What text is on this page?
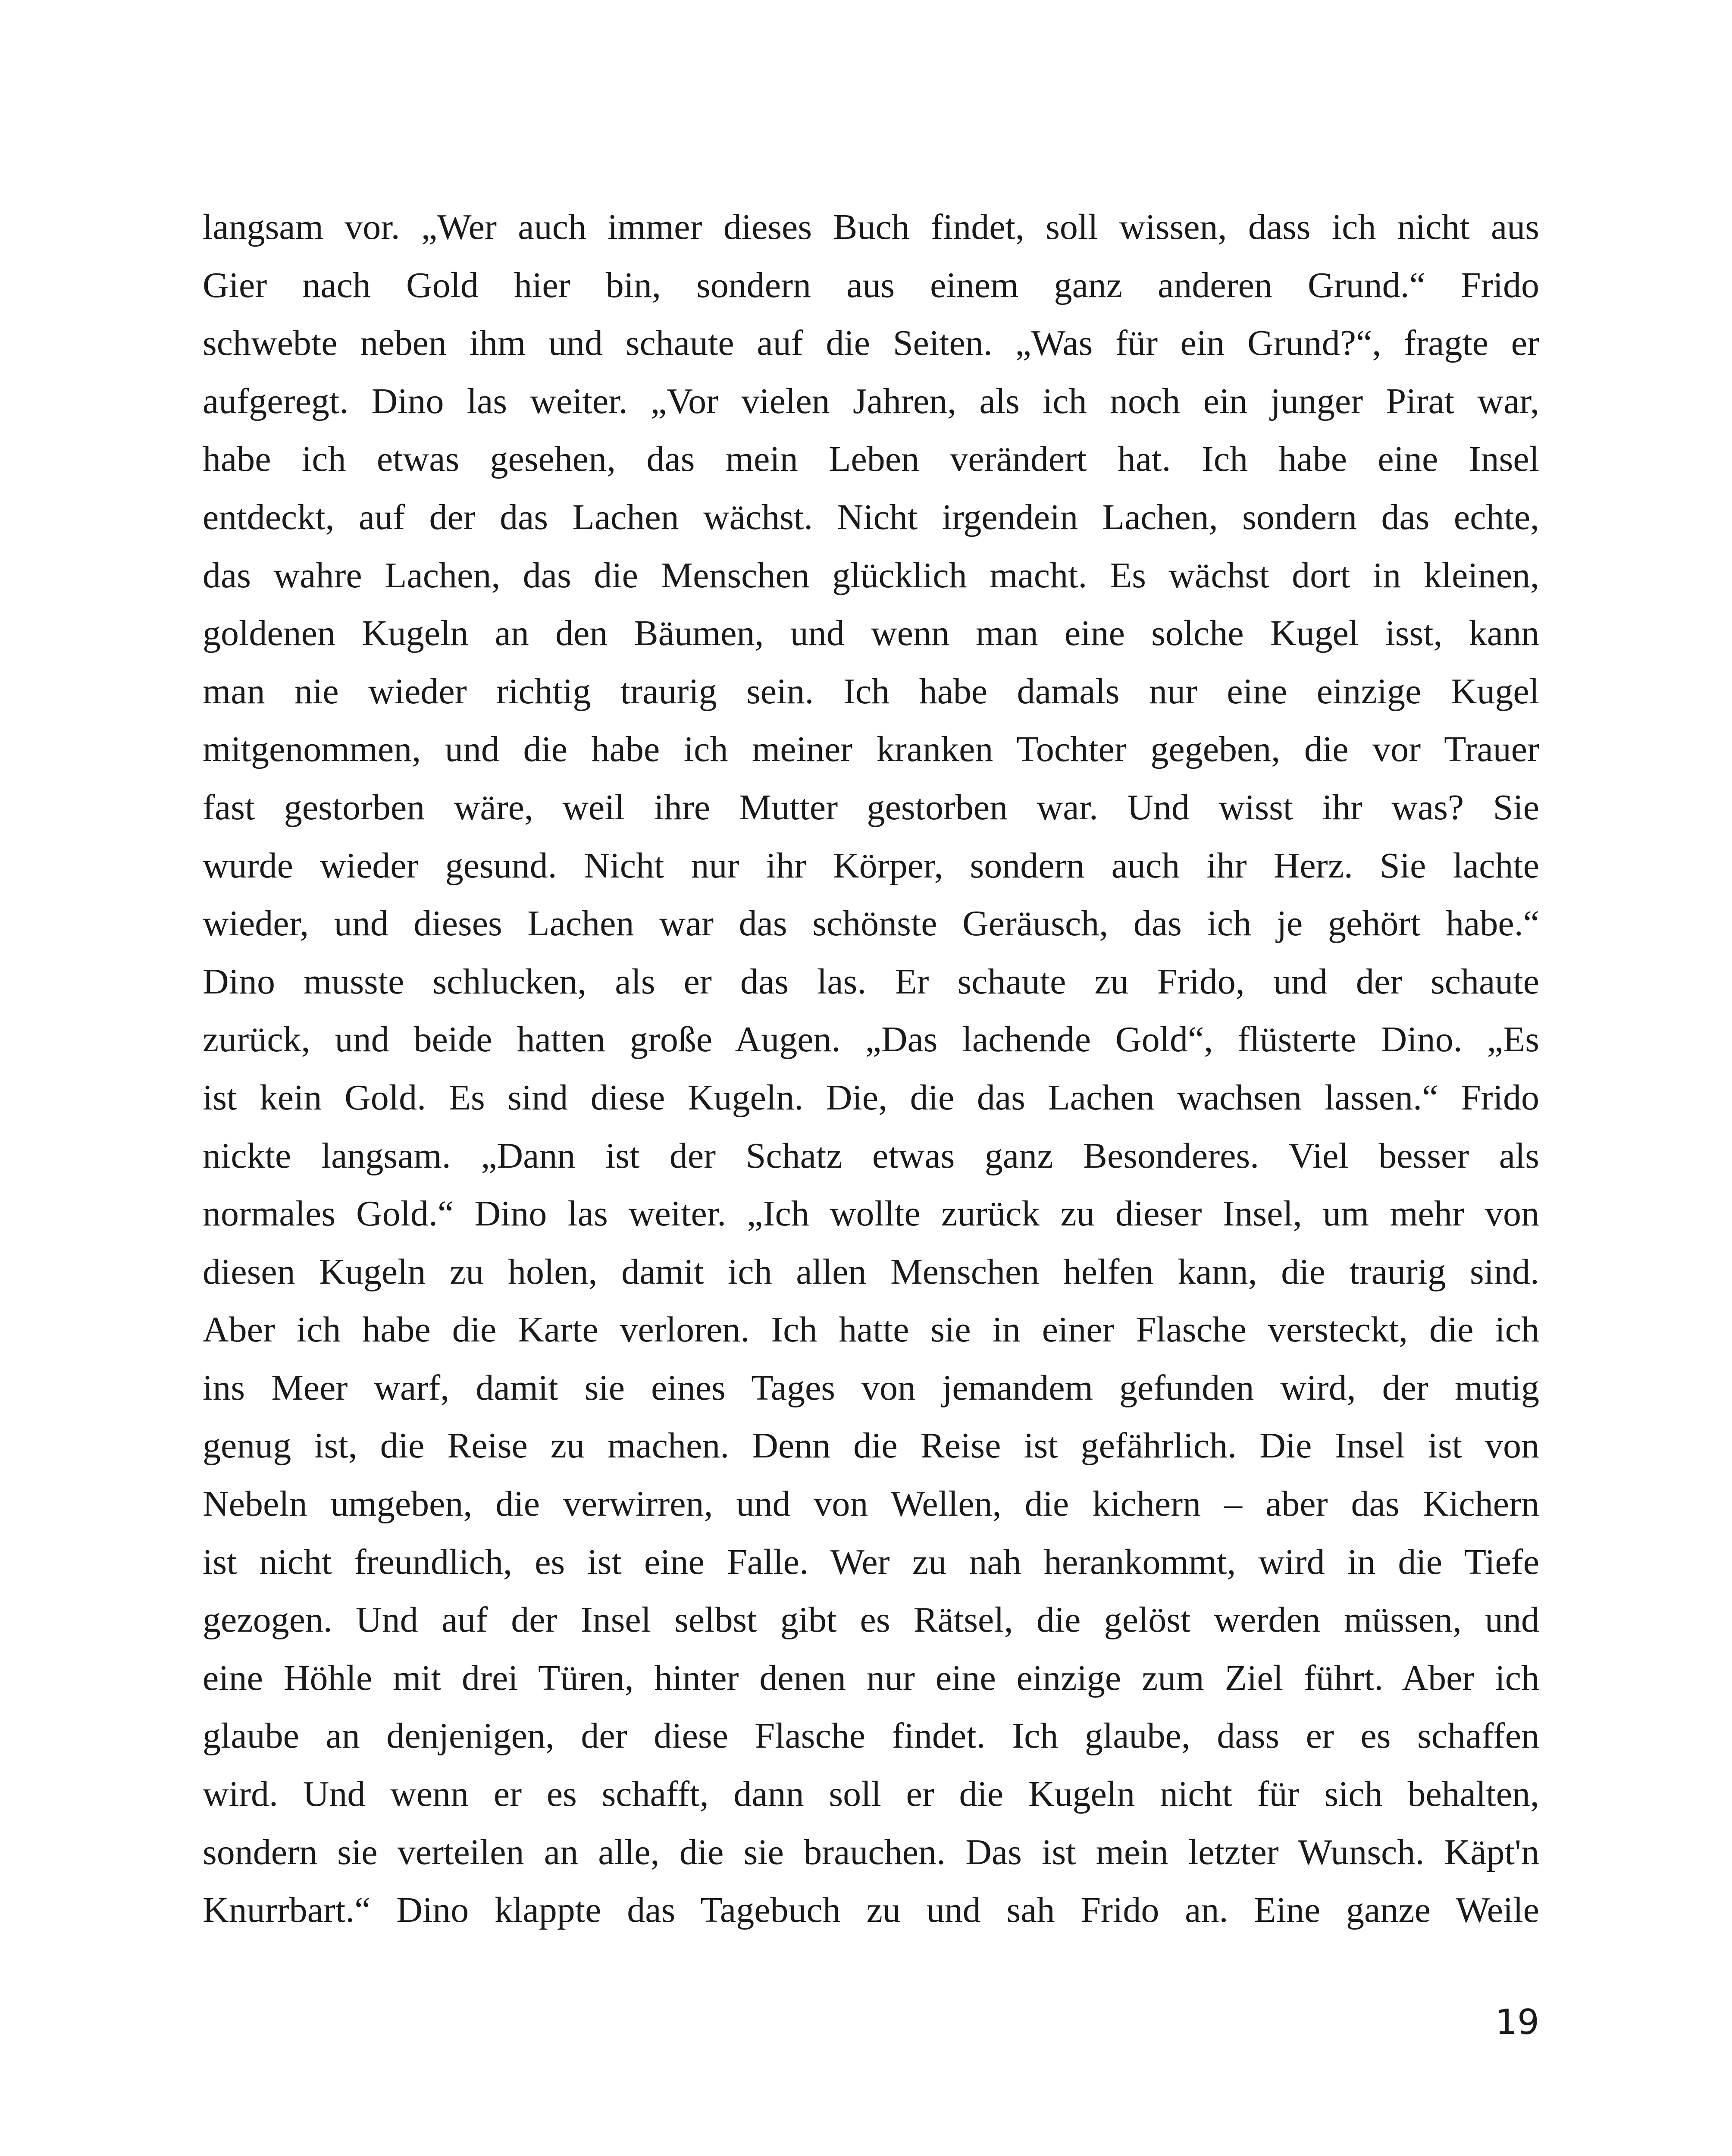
langsam vor. „Wer auch immer dieses Buch findet, soll wissen, dass ich nicht aus
Gier nach Gold hier bin, sondern aus einem ganz anderen Grund.“ Frido
schwebte neben ihm und schaute auf die Seiten. „Was für ein Grund?“, fragte er
aufgeregt. Dino las weiter. „Vor vielen Jahren, als ich noch ein junger Pirat war,
habe ich etwas gesehen, das mein Leben verändert hat. Ich habe eine Insel
entdeckt, auf der das Lachen wächst. Nicht irgendein Lachen, sondern das echte,
das wahre Lachen, das die Menschen glücklich macht. Es wächst dort in kleinen,
goldenen Kugeln an den Bäumen, und wenn man eine solche Kugel isst, kann
man nie wieder richtig traurig sein. Ich habe damals nur eine einzige Kugel
mitgenommen, und die habe ich meiner kranken Tochter gegeben, die vor Trauer
fast gestorben wäre, weil ihre Mutter gestorben war. Und wisst ihr was? Sie
wurde wieder gesund. Nicht nur ihr Körper, sondern auch ihr Herz. Sie lachte
wieder, und dieses Lachen war das schönste Geräusch, das ich je gehört habe.“
Dino musste schlucken, als er das las. Er schaute zu Frido, und der schaute
zurück, und beide hatten große Augen. „Das lachende Gold“, flüsterte Dino. „Es
ist kein Gold. Es sind diese Kugeln. Die, die das Lachen wachsen lassen.“ Frido
nickte langsam. „Dann ist der Schatz etwas ganz Besonderes. Viel besser als
normales Gold.“ Dino las weiter. „Ich wollte zurück zu dieser Insel, um mehr von
diesen Kugeln zu holen, damit ich allen Menschen helfen kann, die traurig sind.
Aber ich habe die Karte verloren. Ich hatte sie in einer Flasche versteckt, die ich
ins Meer warf, damit sie eines Tages von jemandem gefunden wird, der mutig
genug ist, die Reise zu machen. Denn die Reise ist gefährlich. Die Insel ist von
Nebeln umgeben, die verwirren, und von Wellen, die kichern – aber das Kichern
ist nicht freundlich, es ist eine Falle. Wer zu nah herankommt, wird in die Tiefe
gezogen. Und auf der Insel selbst gibt es Rätsel, die gelöst werden müssen, und
eine Höhle mit drei Türen, hinter denen nur eine einzige zum Ziel führt. Aber ich
glaube an denjenigen, der diese Flasche findet. Ich glaube, dass er es schaffen
wird. Und wenn er es schafft, dann soll er die Kugeln nicht für sich behalten,
sondern sie verteilen an alle, die sie brauchen. Das ist mein letzter Wunsch. Käpt'n
Knurrbart.“ Dino klappte das Tagebuch zu und sah Frido an. Eine ganze Weile
19
